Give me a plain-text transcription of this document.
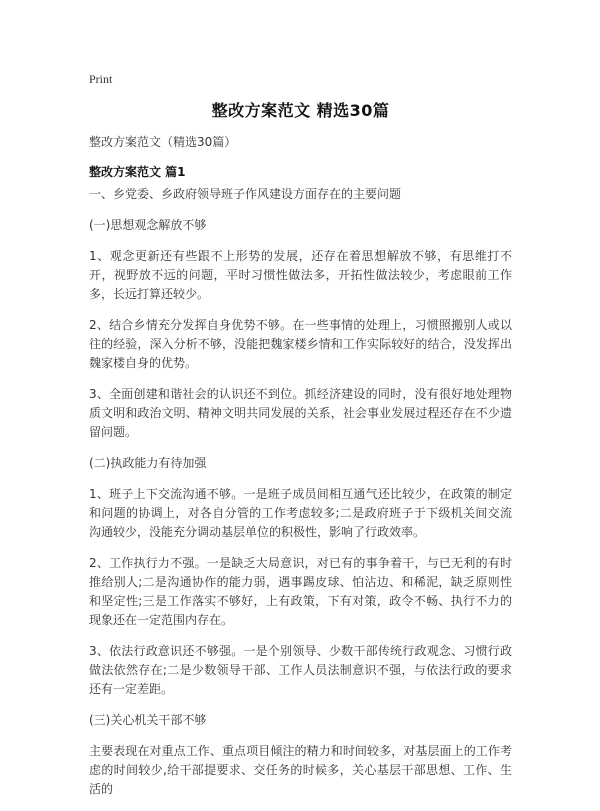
Print
整改方案范文 精选30篇
整改方案范文（精选30篇）
整改方案范文 篇1

一、乡党委、乡政府领导班子作风建设方面存在的主要问题

(一)思想观念解放不够

1、观念更新还有些跟不上形势的发展，还存在着思想解放不够，有思维打不开，视野放不远的问题，平时习惯性做法多，开拓性做法较少，考虑眼前工作多，长远打算还较少。

2、结合乡情充分发挥自身优势不够。在一些事情的处理上，习惯照搬别人或以往的经验，深入分析不够，没能把魏家楼乡情和工作实际较好的结合，没发挥出魏家楼自身的优势。

3、全面创建和谐社会的认识还不到位。抓经济建设的同时，没有很好地处理物质文明和政治文明、精神文明共同发展的关系，社会事业发展过程还存在不少遗留问题。

(二)执政能力有待加强

1、班子上下交流沟通不够。一是班子成员间相互通气还比较少，在政策的制定和问题的协调上，对各自分管的工作考虑较多;二是政府班子于下级机关间交流沟通较少，没能充分调动基层单位的积极性，影响了行政效率。

2、工作执行力不强。一是缺乏大局意识，对已有的事争着干，与已无利的有时推给别人;二是沟通协作的能力弱，遇事踢皮球、怕沾边、和稀泥，缺乏原则性和坚定性;三是工作落实不够好，上有政策，下有对策，政令不畅、执行不力的现象还在一定范围内存在。

3、依法行政意识还不够强。一是个别领导、少数干部传统行政观念、习惯行政做法依然存在;二是少数领导干部、工作人员法制意识不强，与依法行政的要求还有一定差距。

(三)关心机关干部不够

主要表现在对重点工作、重点项目倾注的精力和时间较多，对基层面上的工作考虑的时间较少,给干部提要求、交任务的时候多，关心基层干部思想、工作、生活的
